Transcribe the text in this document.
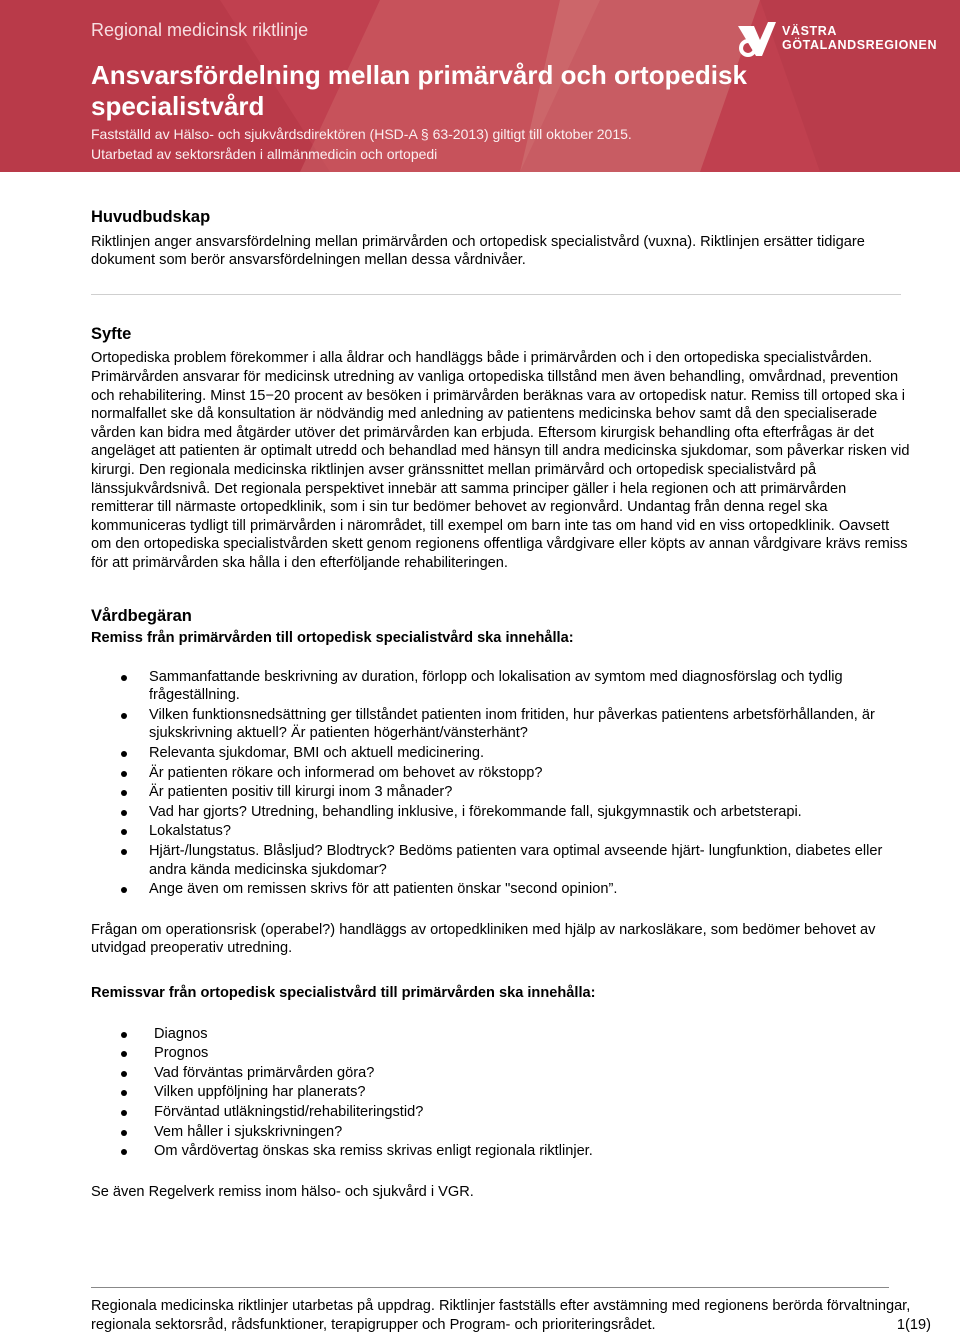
Regional medicinsk riktlinje
Ansvarsfördelning mellan primärvård och ortopedisk specialistvård
Fastställd av Hälso- och sjukvårdsdirektören (HSD-A § 63-2013) giltigt till oktober 2015.
Utarbetad av sektorsråden i allmänmedicin och ortopedi
VÄSTRA
GÖTALANDSREGIONEN
Huvudbudskap

Riktlinjen anger ansvarsfördelning mellan primärvården och ortopedisk specialistvård (vuxna). Riktlinjen ersätter tidigare dokument som berör ansvarsfördelningen mellan dessa vårdnivåer.

Syfte

Ortopediska problem förekommer i alla åldrar och handläggs både i primärvården och i den ortopediska specialistvården. Primärvården ansvarar för medicinsk utredning av vanliga ortopediska tillstånd men även behandling, omvårdnad, prevention och rehabilitering. Minst 15−20 procent av besöken i primärvården beräknas vara av ortopedisk natur. Remiss till ortoped ska i normalfallet ske då konsultation är nödvändig med anledning av patientens medicinska behov samt då den specialiserade vården kan bidra med åtgärder utöver det primärvården kan erbjuda. Eftersom kirurgisk behandling ofta efterfrågas är det angeläget att patienten är optimalt utredd och behandlad med hänsyn till andra medicinska sjukdomar, som påverkar risken vid kirurgi. Den regionala medicinska riktlinjen avser gränssnittet mellan primärvård och ortopedisk specialistvård på länssjukvårdsnivå. Det regionala perspektivet innebär att samma principer gäller i hela regionen och att primärvården remitterar till närmaste ortopedklinik, som i sin tur bedömer behovet av regionvård. Undantag från denna regel ska kommuniceras tydligt till primärvården i närområdet, till exempel om barn inte tas om hand vid en viss ortopedklinik. Oavsett om den ortopediska specialistvården skett genom regionens offentliga vårdgivare eller köpts av annan vårdgivare krävs remiss för att primärvården ska hålla i den efterföljande rehabiliteringen.

Vårdbegäran

Remiss från primärvården till ortopedisk specialistvård ska innehålla:

Sammanfattande beskrivning av duration, förlopp och lokalisation av symtom med diagnosförslag och tydlig frågeställning.
Vilken funktionsnedsättning ger tillståndet patienten inom fritiden, hur påverkas patientens arbetsförhållanden, är sjukskrivning aktuell? Är patienten högerhänt/vänsterhänt?
Relevanta sjukdomar, BMI och aktuell medicinering.
Är patienten rökare och informerad om behovet av rökstopp?
Är patienten positiv till kirurgi inom 3 månader?
Vad har gjorts? Utredning, behandling inklusive, i förekommande fall, sjukgymnastik och arbetsterapi.
Lokalstatus?
Hjärt-/lungstatus. Blåsljud? Blodtryck? Bedöms patienten vara optimal avseende hjärt- lungfunktion, diabetes eller andra kända medicinska sjukdomar?
Ange även om remissen skrivs för att patienten önskar "second opinion”.

Frågan om operationsrisk (operabel?) handläggs av ortopedkliniken med hjälp av narkosläkare, som bedömer behovet av utvidgad preoperativ utredning.

Remissvar från ortopedisk specialistvård till primärvården ska innehålla:

Diagnos
Prognos
Vad förväntas primärvården göra?
Vilken uppföljning har planerats?
Förväntad utläkningstid/rehabiliteringstid?
Vem håller i sjukskrivningen?
Om vårdövertag önskas ska remiss skrivas enligt regionala riktlinjer.

Se även Regelverk remiss inom hälso- och sjukvård i VGR.

Regionala medicinska riktlinjer utarbetas på uppdrag. Riktlinjer fastställs efter avstämning med regionens berörda förvaltningar, regionala sektorsråd, rådsfunktioner, terapigrupper och Program- och prioriteringsrådet.	1(19)
